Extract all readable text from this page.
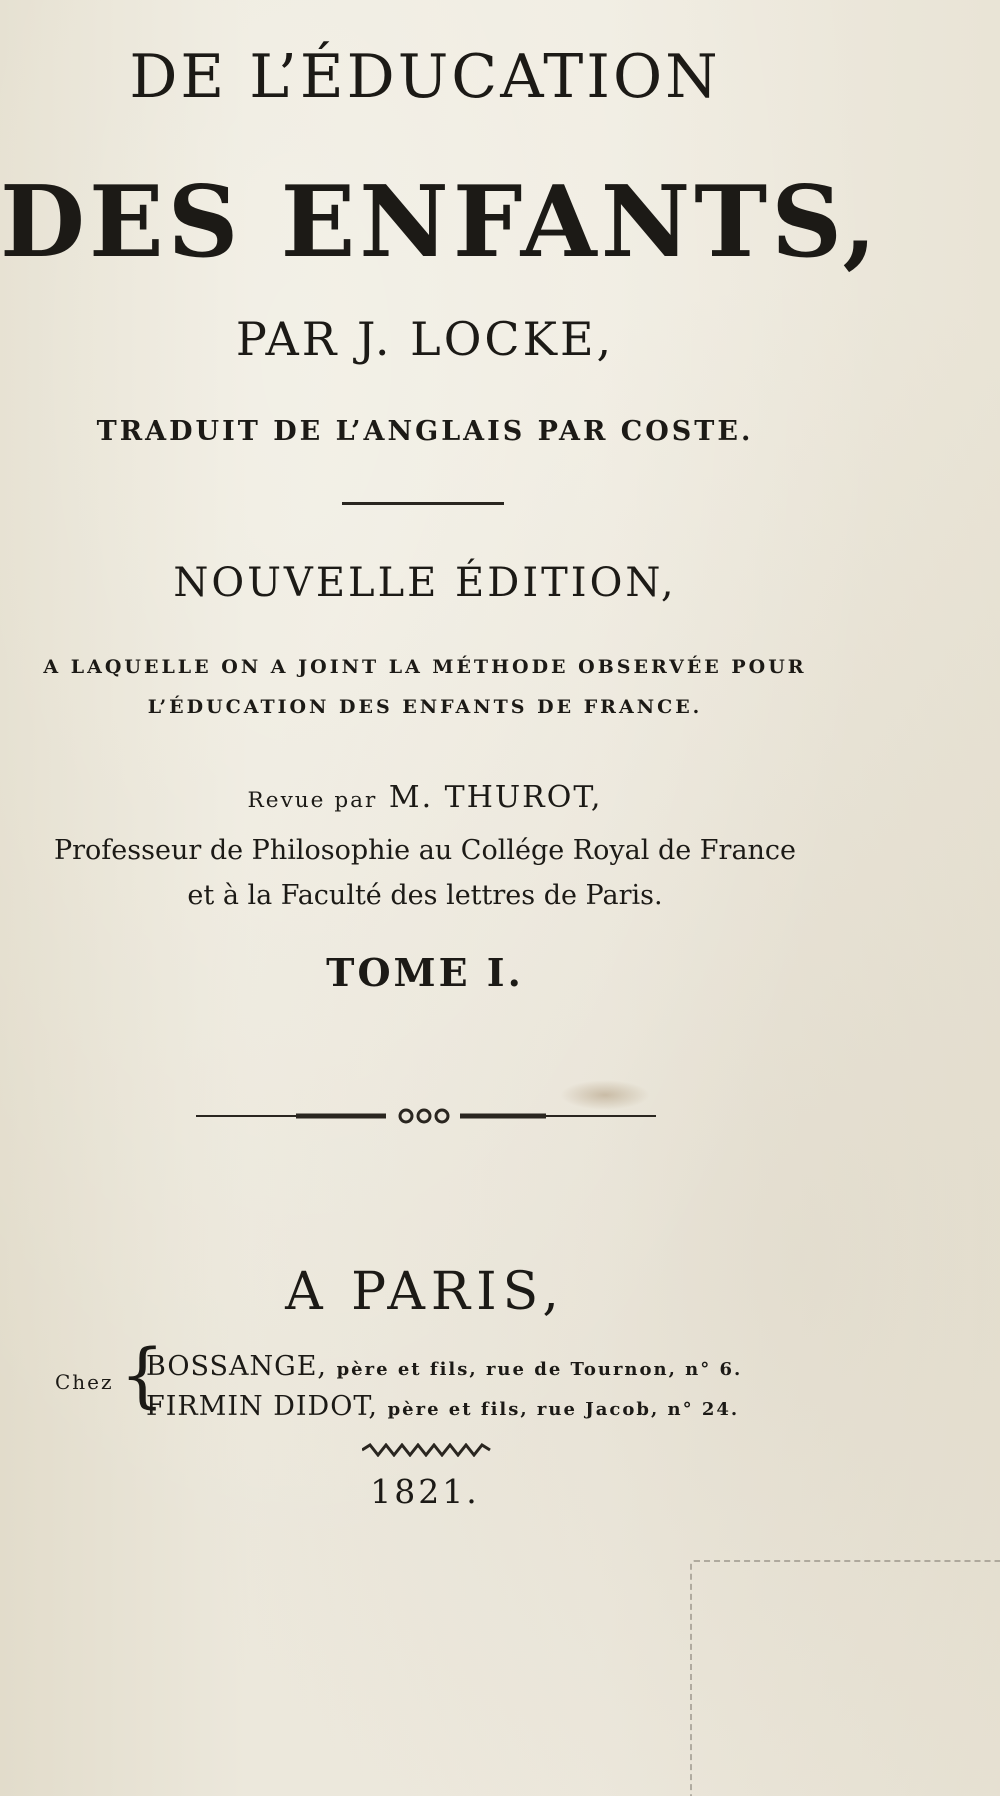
DE L’ÉDUCATION
DES ENFANTS,
PAR J. LOCKE,
TRADUIT DE L’ANGLAIS PAR COSTE.
NOUVELLE ÉDITION,
A LAQUELLE ON A JOINT LA MÉTHODE OBSERVÉE POUR
L’ÉDUCATION DES ENFANTS DE FRANCE.
Revue par M. THUROT,
Professeur de Philosophie au Collége Royal de France
et à la Faculté des lettres de Paris.
TOME I.
A PARIS,
Chez {
BOSSANGE, père et fils, rue de Tournon, n° 6.
FIRMIN DIDOT, père et fils, rue Jacob, n° 24.
1821.
